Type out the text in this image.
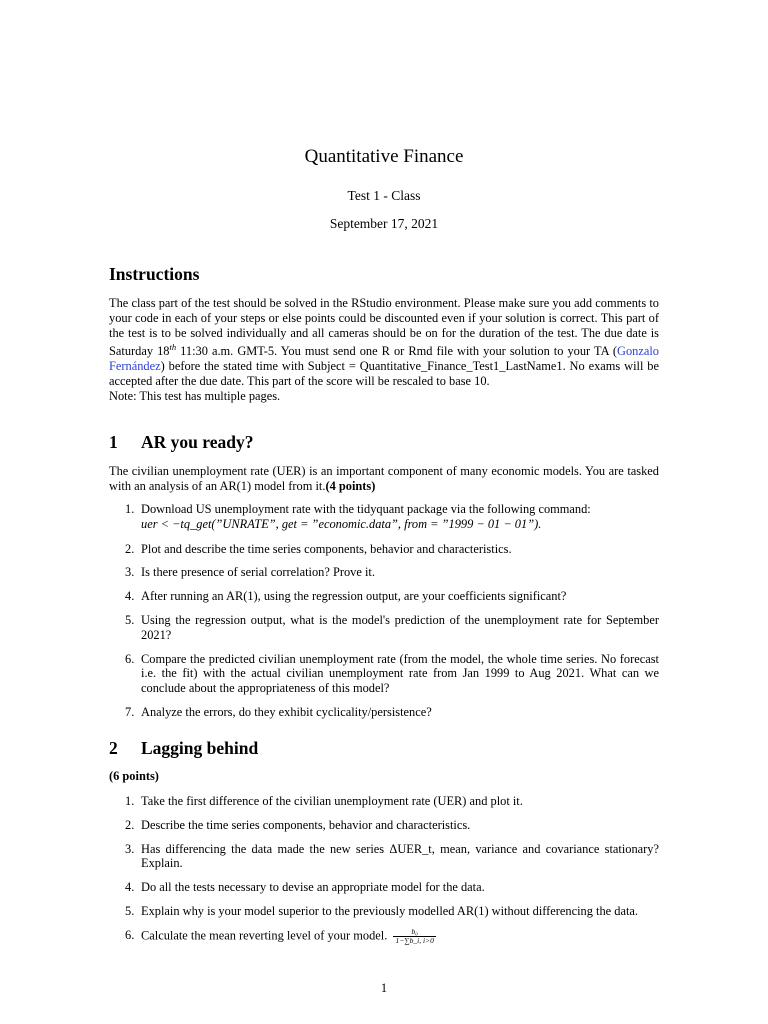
Quantitative Finance
Test 1 - Class
September 17, 2021
Instructions
The class part of the test should be solved in the RStudio environment. Please make sure you add comments to your code in each of your steps or else points could be discounted even if your solution is correct. This part of the test is to be solved individually and all cameras should be on for the duration of the test. The due date is Saturday 18th 11:30 a.m. GMT-5. You must send one R or Rmd file with your solution to your TA (Gonzalo Fernández) before the stated time with Subject = Quantitative_Finance_Test1_LastName1. No exams will be accepted after the due date. This part of the score will be rescaled to base 10.
Note: This test has multiple pages.
1 AR you ready?
The civilian unemployment rate (UER) is an important component of many economic models. You are tasked with an analysis of an AR(1) model from it.(4 points)
1. Download US unemployment rate with the tidyquant package via the following command:
uer < −tq_get(”UNRATE”, get = ”economic.data”, from = ”1999 − 01 − 01”).
2. Plot and describe the time series components, behavior and characteristics.
3. Is there presence of serial correlation? Prove it.
4. After running an AR(1), using the regression output, are your coefficients significant?
5. Using the regression output, what is the model's prediction of the unemployment rate for September 2021?
6. Compare the predicted civilian unemployment rate (from the model, the whole time series. No forecast i.e. the fit) with the actual civilian unemployment rate from Jan 1999 to Aug 2021. What can we conclude about the appropriateness of this model?
7. Analyze the errors, do they exhibit cyclicality/persistence?
2 Lagging behind
(6 points)
1. Take the first difference of the civilian unemployment rate (UER) and plot it.
2. Describe the time series components, behavior and characteristics.
3. Has differencing the data made the new series ΔUER_t, mean, variance and covariance stationary? Explain.
4. Do all the tests necessary to devise an appropriate model for the data.
5. Explain why is your model superior to the previously modelled AR(1) without differencing the data.
6. Calculate the mean reverting level of your model. $\frac{\text{b₀}}{1-\sum b\_i, i>0}$
1
